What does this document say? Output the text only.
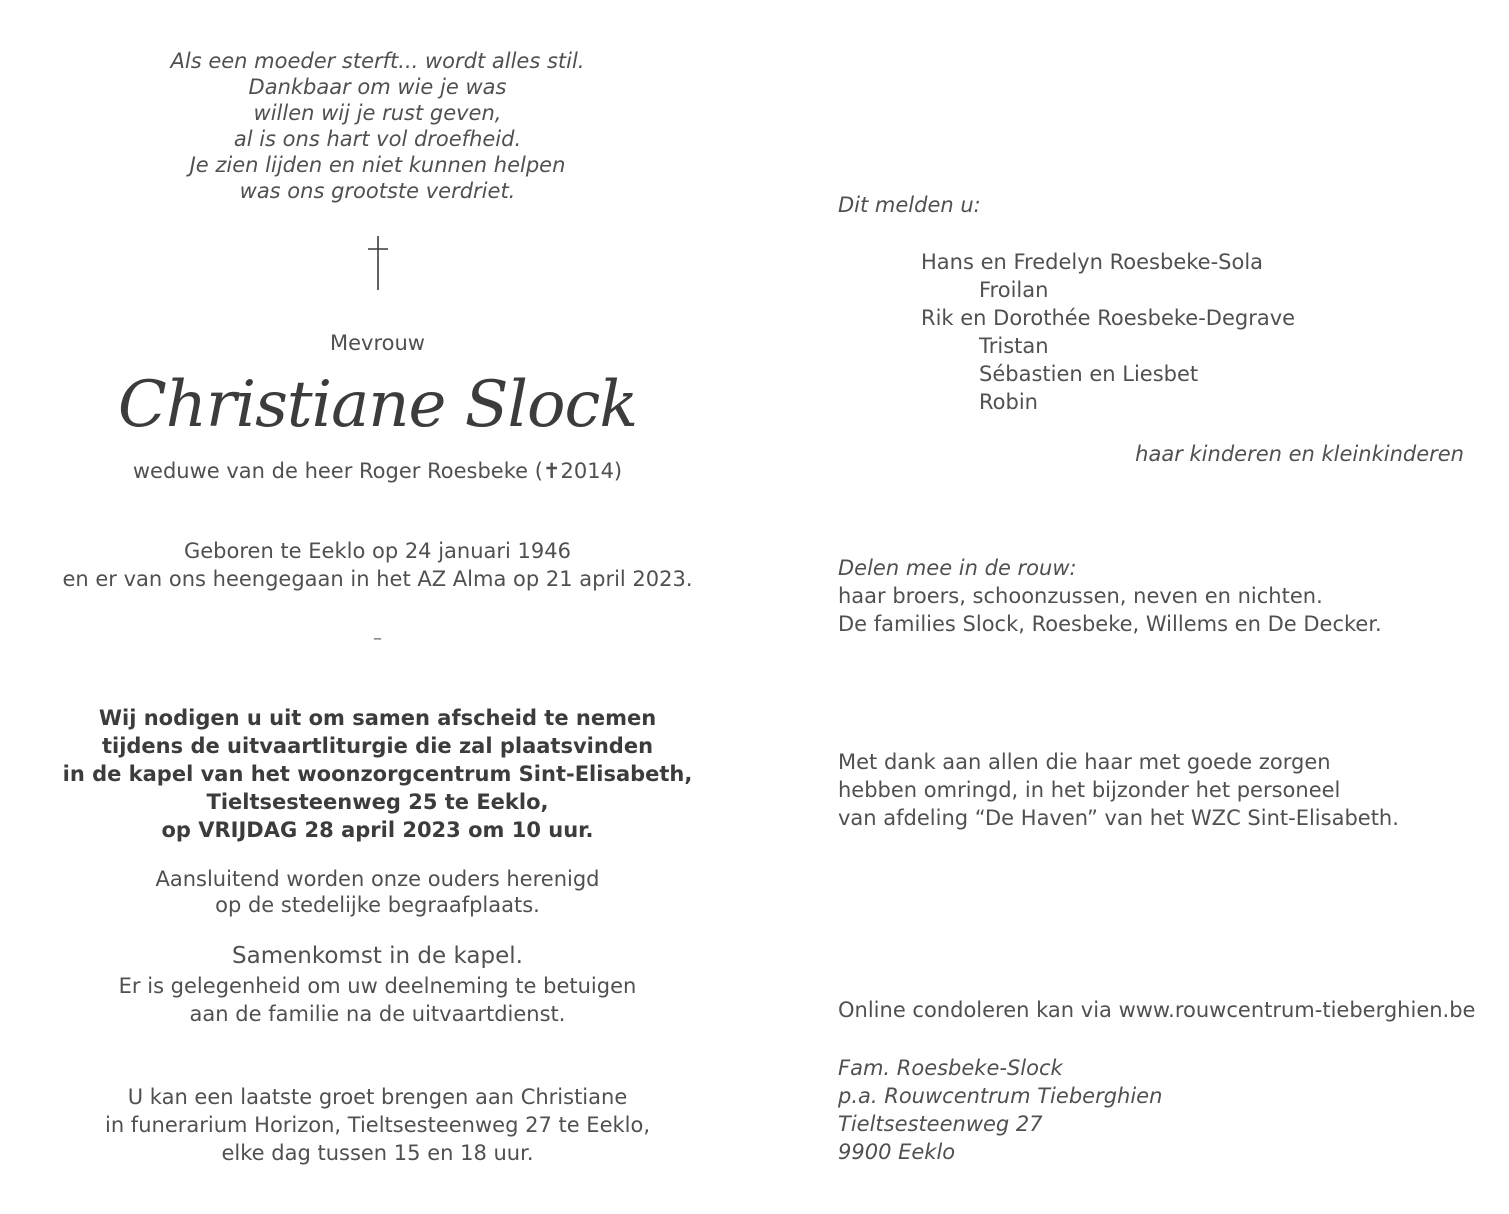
Als een moeder sterft... wordt alles stil.
Dankbaar om wie je was
willen wij je rust geven,
al is ons hart vol droefheid.
Je zien lijden en niet kunnen helpen
was ons grootste verdriet.
Mevrouw
Christiane Slock
weduwe van de heer Roger Roesbeke (✝2014)
Geboren te Eeklo op 24 januari 1946
en er van ons heengegaan in het AZ Alma op 21 april 2023.
–
Wij nodigen u uit om samen afscheid te nemen
tijdens de uitvaartliturgie die zal plaatsvinden
in de kapel van het woonzorgcentrum Sint-Elisabeth,
Tieltsesteenweg 25 te Eeklo,
op VRIJDAG 28 april 2023 om 10 uur.
Aansluitend worden onze ouders herenigd
op de stedelijke begraafplaats.
Samenkomst in de kapel.
Er is gelegenheid om uw deelneming te betuigen
aan de familie na de uitvaartdienst.
U kan een laatste groet brengen aan Christiane
in funerarium Horizon, Tieltsesteenweg 27 te Eeklo,
elke dag tussen 15 en 18 uur.
Dit melden u:
Hans en Fredelyn Roesbeke-Sola
Froilan
Rik en Dorothée Roesbeke-Degrave
Tristan
Sébastien en Liesbet
Robin
haar kinderen en kleinkinderen
Delen mee in de rouw:
haar broers, schoonzussen, neven en nichten.
De families Slock, Roesbeke, Willems en De Decker.
Met dank aan allen die haar met goede zorgen
hebben omringd, in het bijzonder het personeel
van afdeling “De Haven” van het WZC Sint-Elisabeth.
Online condoleren kan via www.rouwcentrum-tieberghien.be
Fam. Roesbeke-Slock
p.a. Rouwcentrum Tieberghien
Tieltsesteenweg 27
9900 Eeklo
